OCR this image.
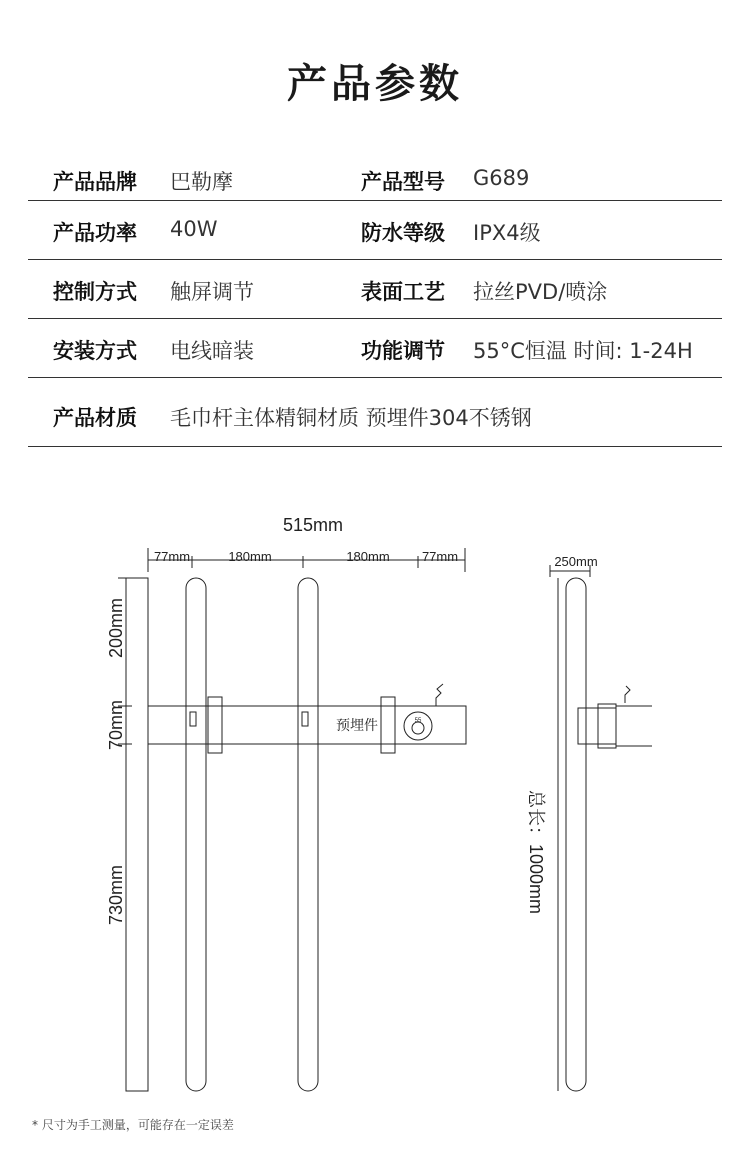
产品参数
产品品牌 巴勒摩	产品型号 G689
产品功率 40W	防水等级 IPX4级
控制方式 触屏调节	表面工艺 拉丝PVD/喷涂
安装方式 电线暗装	功能调节 55°C恒温 时间: 1-24H
产品材质 毛巾杆主体精铜材质 预埋件304不锈钢
515mm
77mm	180mm	180mm 77mm	250mm
预埋件	55
200mm
70mm
730mm	总长：1000mm
* 尺寸为手工测量，可能存在一定误差
